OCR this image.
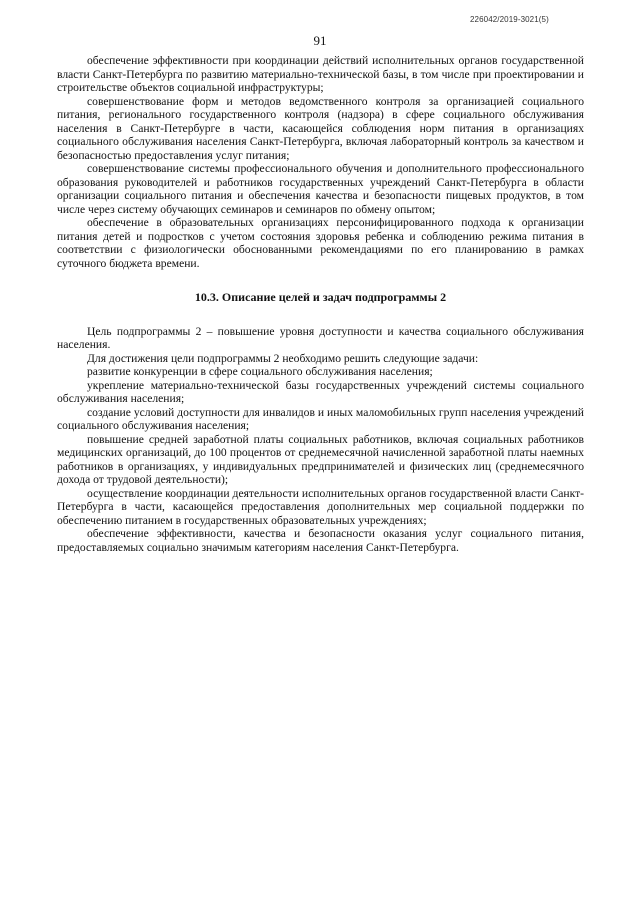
226042/2019-3021(5)
91

обеспечение эффективности при координации действий исполнительных органов государственной власти Санкт-Петербурга по развитию материально-технической базы, в том числе при проектировании и строительстве объектов социальной инфраструктуры;

совершенствование форм и методов ведомственного контроля за организацией социального питания, регионального государственного контроля (надзора) в сфере социального обслуживания населения в Санкт-Петербурге в части, касающейся соблюдения норм питания в организациях социального обслуживания населения Санкт-Петербурга, включая лабораторный контроль за качеством и безопасностью предоставления услуг питания;

совершенствование системы профессионального обучения и дополнительного профессионального образования руководителей и работников государственных учреждений Санкт-Петербурга в области организации социального питания и обеспечения качества и безопасности пищевых продуктов, в том числе через систему обучающих семинаров и семинаров по обмену опытом;

обеспечение в образовательных организациях персонифицированного подхода к организации питания детей и подростков с учетом состояния здоровья ребенка и соблюдению режима питания в соответствии с физиологически обоснованными рекомендациями по его планированию в рамках суточного бюджета времени.

10.3. Описание целей и задач подпрограммы 2

Цель подпрограммы 2 – повышение уровня доступности и качества социального обслуживания населения.

Для достижения цели подпрограммы 2 необходимо решить следующие задачи:

развитие конкуренции в сфере социального обслуживания населения;

укрепление материально-технической базы государственных учреждений системы социального обслуживания населения;

создание условий доступности для инвалидов и иных маломобильных групп населения учреждений социального обслуживания населения;

повышение средней заработной платы социальных работников, включая социальных работников медицинских организаций, до 100 процентов от среднемесячной начисленной заработной платы наемных работников в организациях, у индивидуальных предпринимателей и физических лиц (среднемесячного дохода от трудовой деятельности);

осуществление координации деятельности исполнительных органов государственной власти Санкт-Петербурга в части, касающейся предоставления дополнительных мер социальной поддержки по обеспечению питанием в государственных образовательных учреждениях;

обеспечение эффективности, качества и безопасности оказания услуг социального питания, предоставляемых социально значимым категориям населения Санкт-Петербурга.
